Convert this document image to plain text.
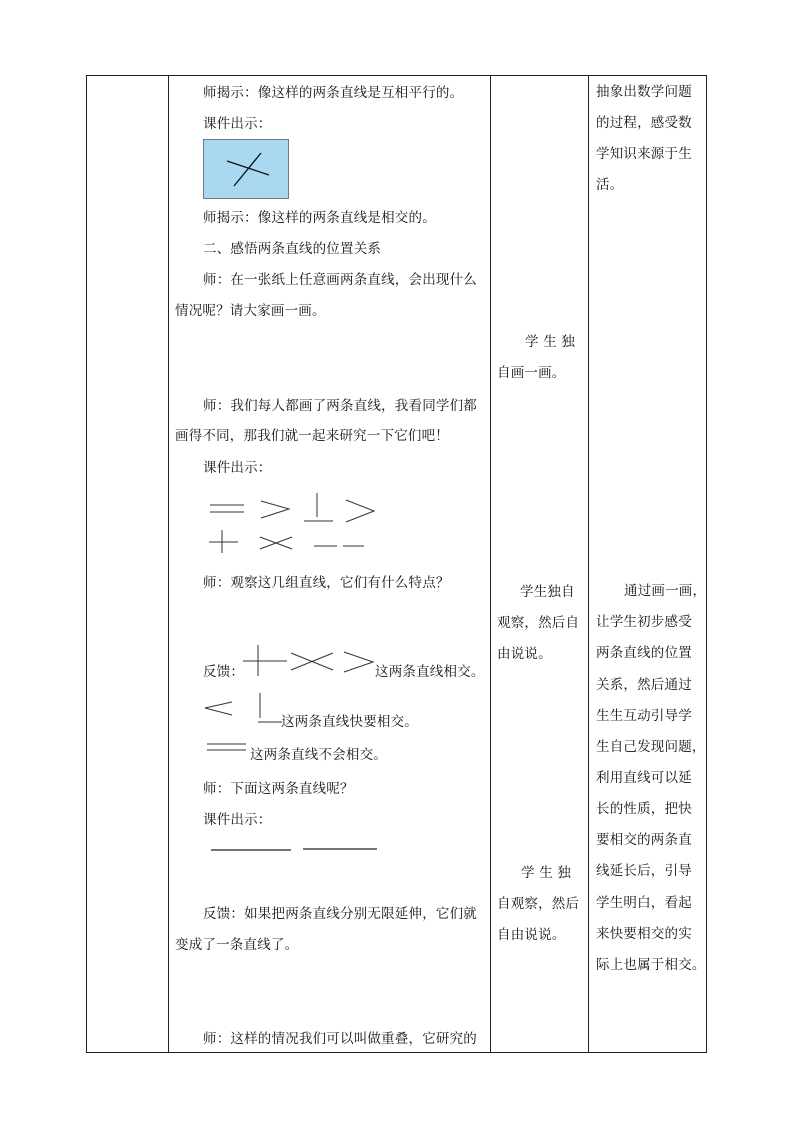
师揭示：像这样的两条直线是互相平行的。
课件出示：
师揭示：像这样的两条直线是相交的。
二、感悟两条直线的位置关系
师：在一张纸上任意画两条直线，会出现什么
情况呢？请大家画一画。
师：我们每人都画了两条直线，我看同学们都
画得不同，那我们就一起来研究一下它们吧！
课件出示：
师：观察这几组直线，它们有什么特点？
反馈：	这两条直线相交。
这两条直线快要相交。
这两条直线不会相交。
师：下面这两条直线呢？
课件出示：
反馈：如果把两条直线分别无限延伸，它们就
变成了一条直线了。
师：这样的情况我们可以叫做重叠，它研究的
学 生 独
自画一画。
学生独自
观察，然后自
由说说。
学 生 独
自观察，然后
自由说说。
抽象出数学问题
的过程，感受数
学知识来源于生
活。
通过画一画，
让学生初步感受
两条直线的位置
关系，然后通过
生生互动引导学
生自己发现问题，
利用直线可以延
长的性质，把快
要相交的两条直
线延长后，引导
学生明白，看起
来快要相交的实
际上也属于相交。
